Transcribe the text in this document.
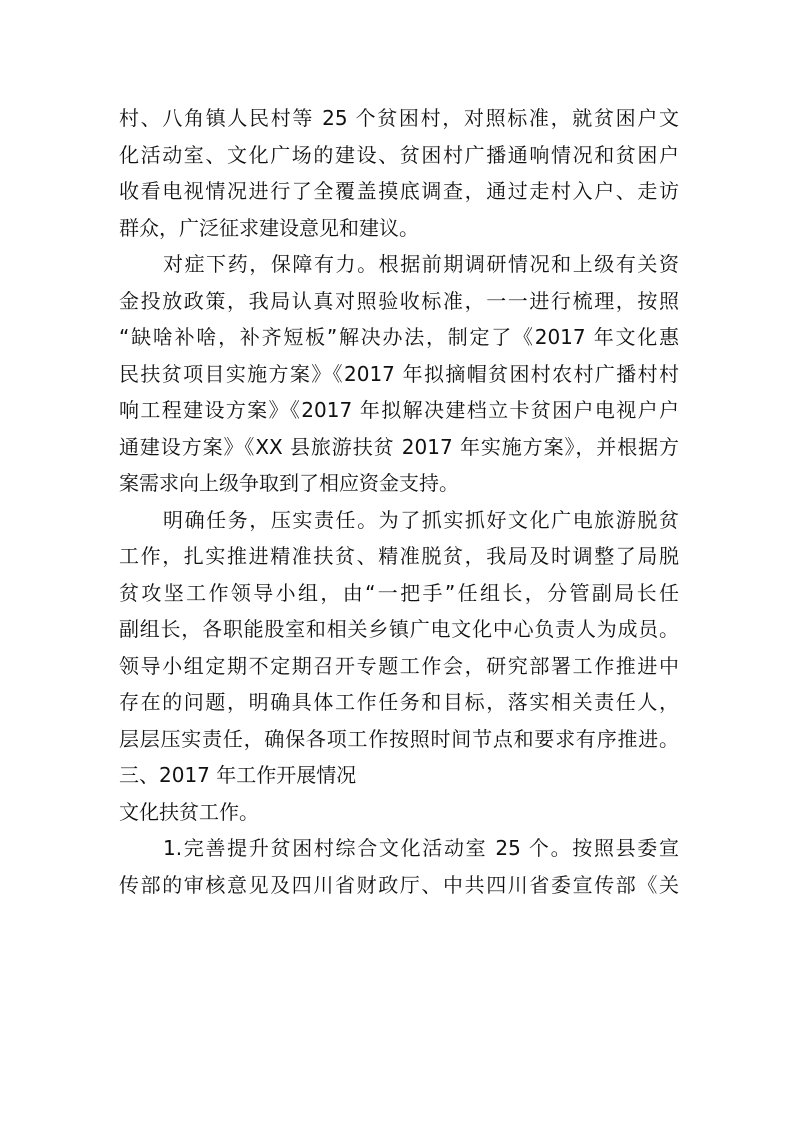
村、八角镇人民村等 25 个贫困村，对照标准，就贫困户文
化活动室、文化广场的建设、贫困村广播通响情况和贫困户
收看电视情况进行了全覆盖摸底调查，通过走村入户、走访
群众，广泛征求建设意见和建议。
对症下药，保障有力。根据前期调研情况和上级有关资
金投放政策，我局认真对照验收标准，一一进行梳理，按照
“缺啥补啥，补齐短板”解决办法，制定了《2017 年文化惠
民扶贫项目实施方案》《2017 年拟摘帽贫困村农村广播村村
响工程建设方案》《2017 年拟解决建档立卡贫困户电视户户
通建设方案》《XX 县旅游扶贫 2017 年实施方案》，并根据方
案需求向上级争取到了相应资金支持。
明确任务，压实责任。为了抓实抓好文化广电旅游脱贫
工作，扎实推进精准扶贫、精准脱贫，我局及时调整了局脱
贫攻坚工作领导小组，由“一把手”任组长，分管副局长任
副组长，各职能股室和相关乡镇广电文化中心负责人为成员。
领导小组定期不定期召开专题工作会，研究部署工作推进中
存在的问题，明确具体工作任务和目标，落实相关责任人，
层层压实责任，确保各项工作按照时间节点和要求有序推进。
三、2017 年工作开展情况
文化扶贫工作。
1.完善提升贫困村综合文化活动室 25 个。按照县委宣
传部的审核意见及四川省财政厅、中共四川省委宣传部《关
